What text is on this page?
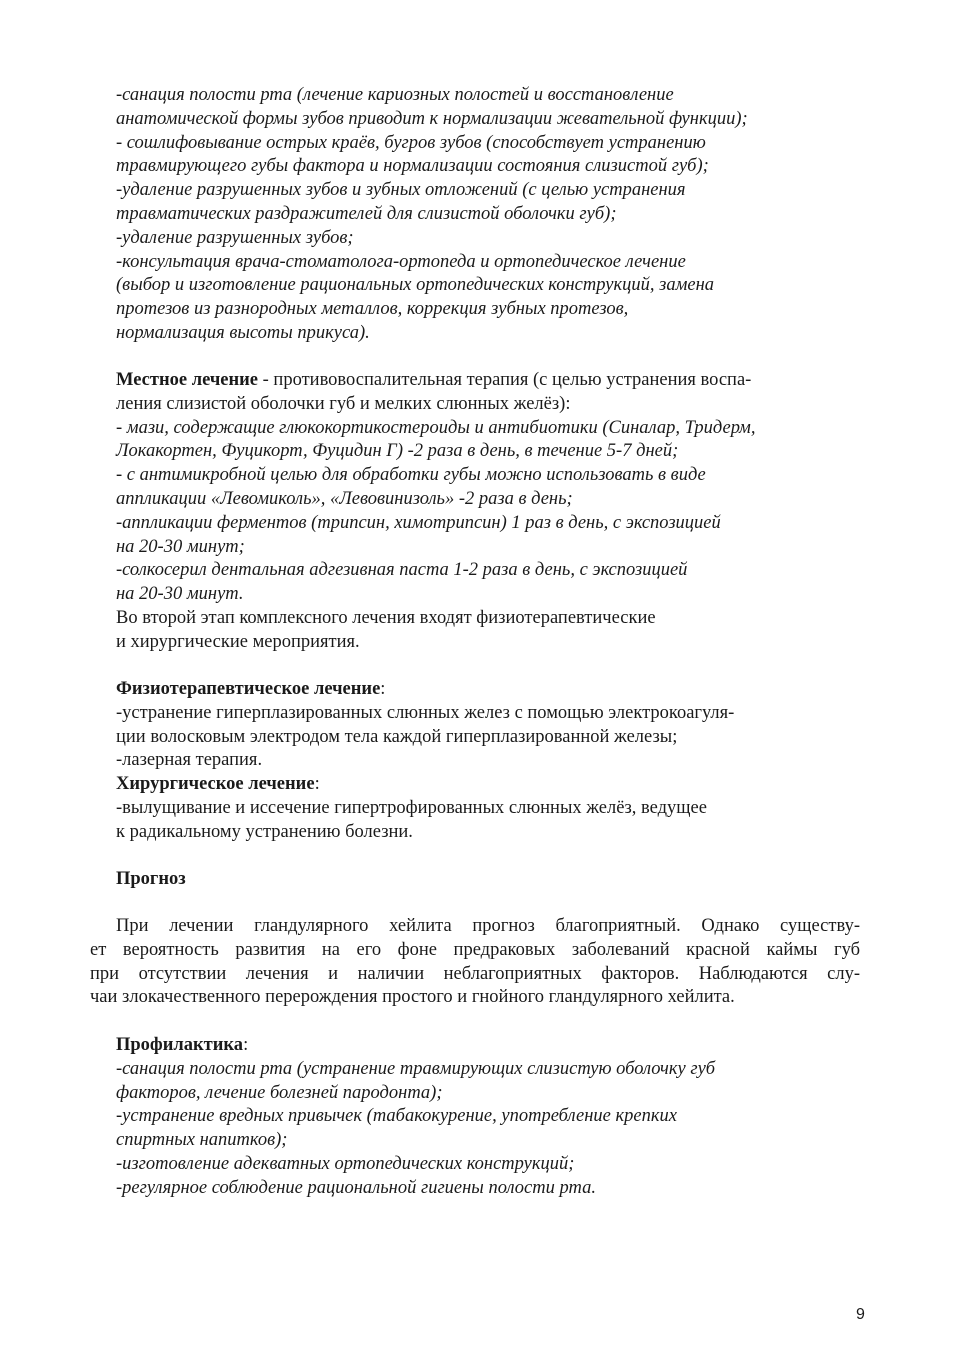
-санация полости рта (лечение кариозных полостей и восстановление
анатомической формы зубов приводит к нормализации жевательной функции);
- сошлифовывание острых краёв, бугров зубов (способствует устранению
травмирующего губы фактора и нормализации состояния слизистой губ);
-удаление разрушенных зубов и зубных отложений (с целью устранения
травматических раздражителей для слизистой оболочки губ);
-удаление разрушенных зубов;
-консультация врача-стоматолога-ортопеда и ортопедическое лечение
(выбор и изготовление рациональных ортопедических конструкций, замена
протезов из разнородных металлов, коррекция зубных протезов,
нормализация высоты прикуса).
Местное лечение - противовоспалительная терапия (с целью устранения воспа-
ления слизистой оболочки губ и мелких слюнных желёз):
- мази, содержащие глюкокортикостероиды и антибиотики (Синалар, Тридерм,
Локакортен, Фуцикорт, Фуцидин Г) -2 раза в день, в течение 5-7 дней;
- с антимикробной целью для обработки губы можно использовать в виде
аппликации «Левомиколь», «Левовинизоль» -2 раза в день;
-аппликации ферментов (трипсин, химотрипсин) 1 раз в день, с экспозицией
на 20-30 минут;
-солкосерил дентальная адгезивная паста 1-2 раза в день, с экспозицией
на 20-30 минут.
Во второй этап комплексного лечения входят физиотерапевтические
и хирургические мероприятия.
Физиотерапевтическое лечение:
-устранение гиперплазированных слюнных желез с помощью электрокоагуля-
ции волосковым электродом тела каждой гиперплазированной железы;
-лазерная терапия.
Хирургическое лечение:
-вылущивание и иссечение гипертрофированных слюнных желёз, ведущее
к радикальному устранению болезни.
Прогноз
При лечении гландулярного хейлита прогноз благоприятный. Однако существу-
ет вероятность развития на его фоне предраковых заболеваний красной каймы губ
при отсутствии лечения и наличии неблагоприятных факторов. Наблюдаются слу-
чаи злокачественного перерождения простого и гнойного гландулярного хейлита.
Профилактика:
-санация полости рта (устранение травмирующих слизистую оболочку губ
факторов, лечение болезней пародонта);
-устранение вредных привычек (табакокурение, употребление крепких
спиртных напитков);
-изготовление адекватных ортопедических конструкций;
-регулярное соблюдение рациональной гигиены полости рта.
9
